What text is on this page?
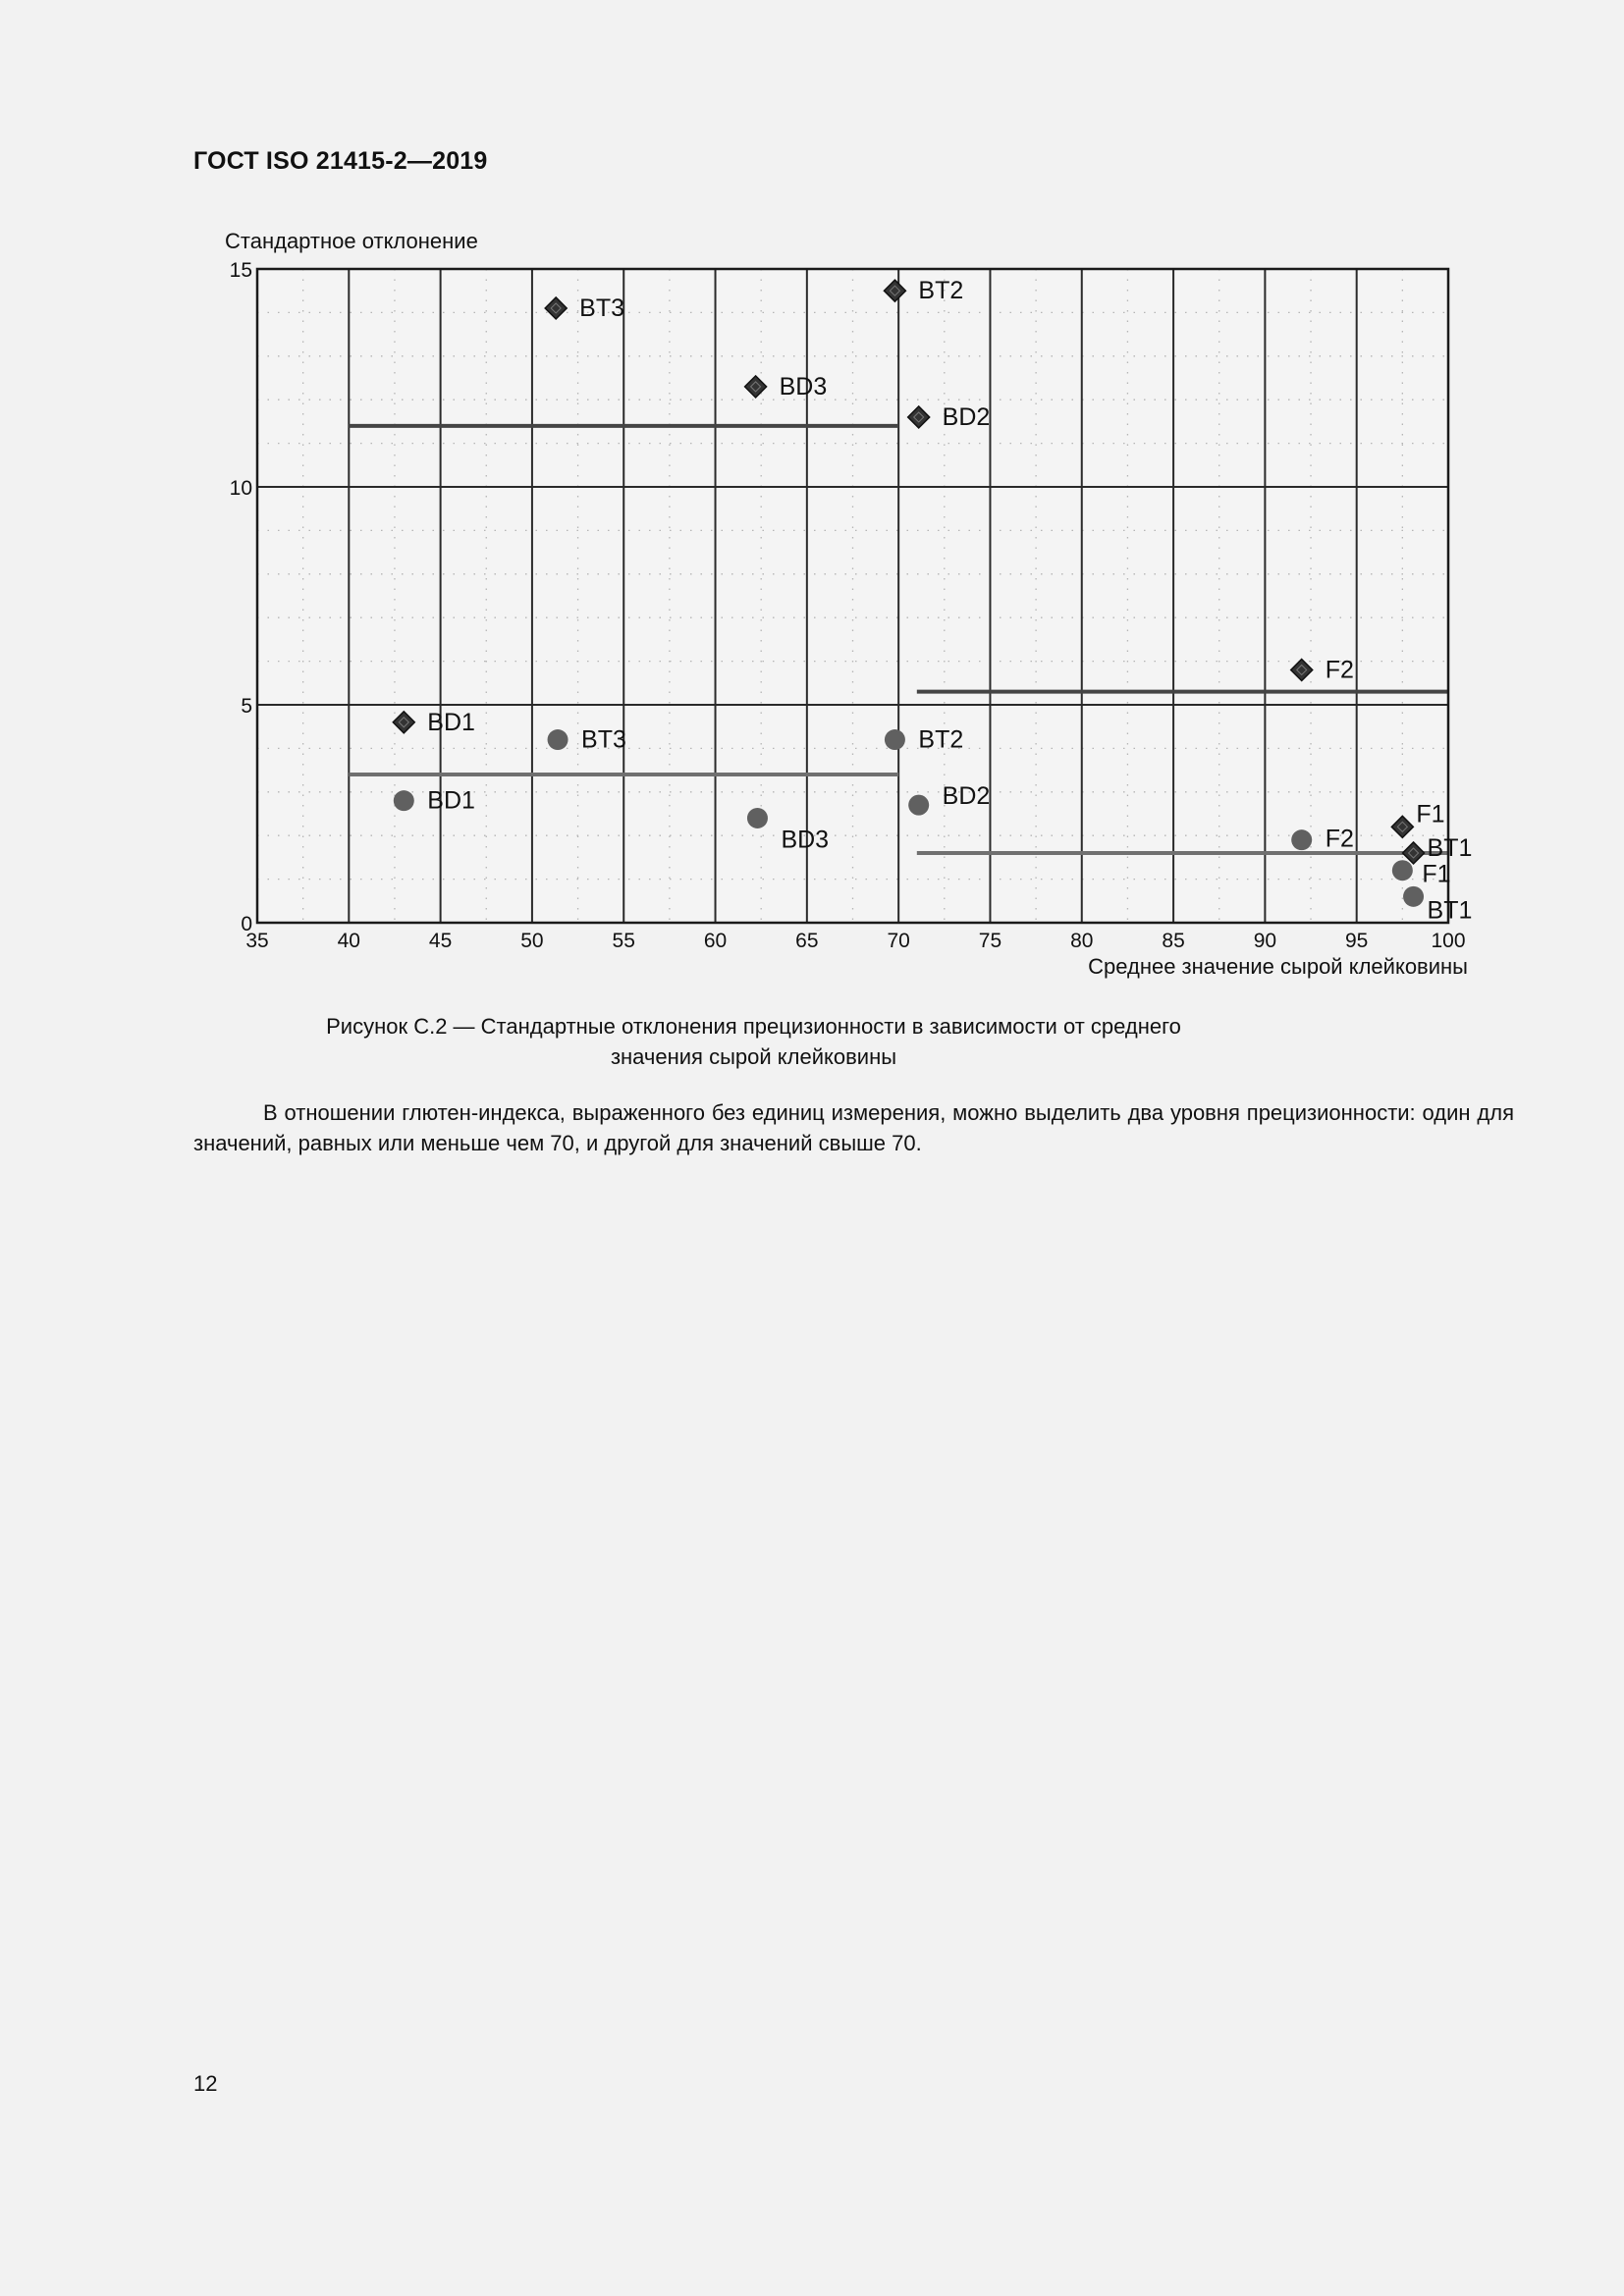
ГОСТ ISO 21415-2—2019
Стандартное отклонение
35	40	45	50	55	60	65	70	75	80	85	90	95	100
0
5
10
15
BT3
BT2
BD3
BD2
F2
BD1
F1
BT1
BT3	BT2
BD1	BD2
BD3	F2
F1
BT1
Среднее значение сырой клейковины
Рисунок С.2 — Стандартные отклонения прецизионности в зависимости от среднего
значения сырой клейковины
В отношении глютен-индекса, выраженного без единиц измерения, можно выделить два уровня прецизионности: один для значений, равных или меньше чем 70, и другой для значений свыше 70.
12
